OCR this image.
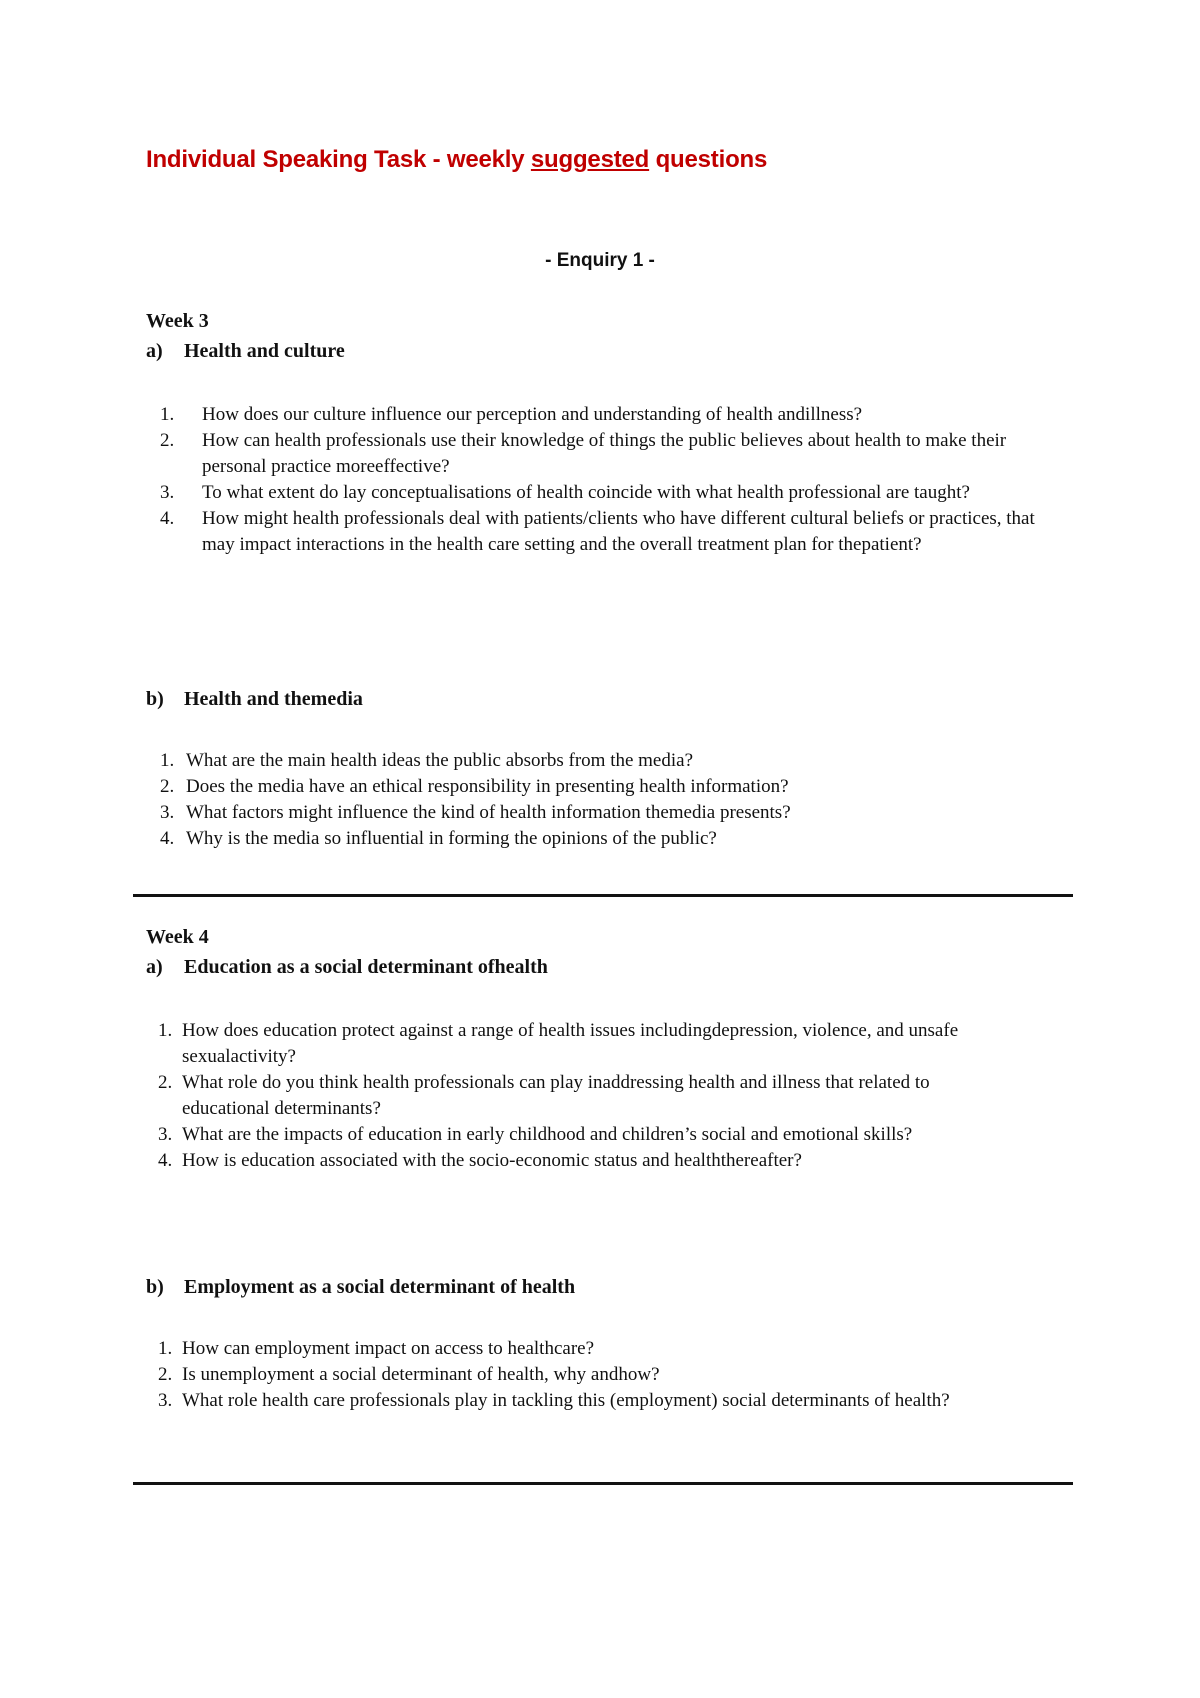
Individual Speaking Task - weekly suggested questions
- Enquiry 1 -
Week 3
a) Health and culture
1. How does our culture influence our perception and understanding of health andillness?
2. How can health professionals use their knowledge of things the public believes about health to make their personal practice moreeffective?
3. To what extent do lay conceptualisations of health coincide with what health professional are taught?
4. How might health professionals deal with patients/clients who have different cultural beliefs or practices, that may impact interactions in the health care setting and the overall treatment plan for thepatient?
b) Health and themedia
1. What are the main health ideas the public absorbs from the media?
2. Does the media have an ethical responsibility in presenting health information?
3. What factors might influence the kind of health information themedia presents?
4. Why is the media so influential in forming the opinions of the public?
Week 4
a) Education as a social determinant ofhealth
1. How does education protect against a range of health issues includingdepression, violence, and unsafe sexualactivity?
2. What role do you think health professionals can play inaddressing health and illness that related to educational determinants?
3. What are the impacts of education in early childhood and children’s social and emotional skills?
4. How is education associated with the socio-economic status and healththereafter?
b) Employment as a social determinant of health
1. How can employment impact on access to healthcare?
2. Is unemployment a social determinant of health, why andhow?
3. What role health care professionals play in tackling this (employment) social determinants of health?
